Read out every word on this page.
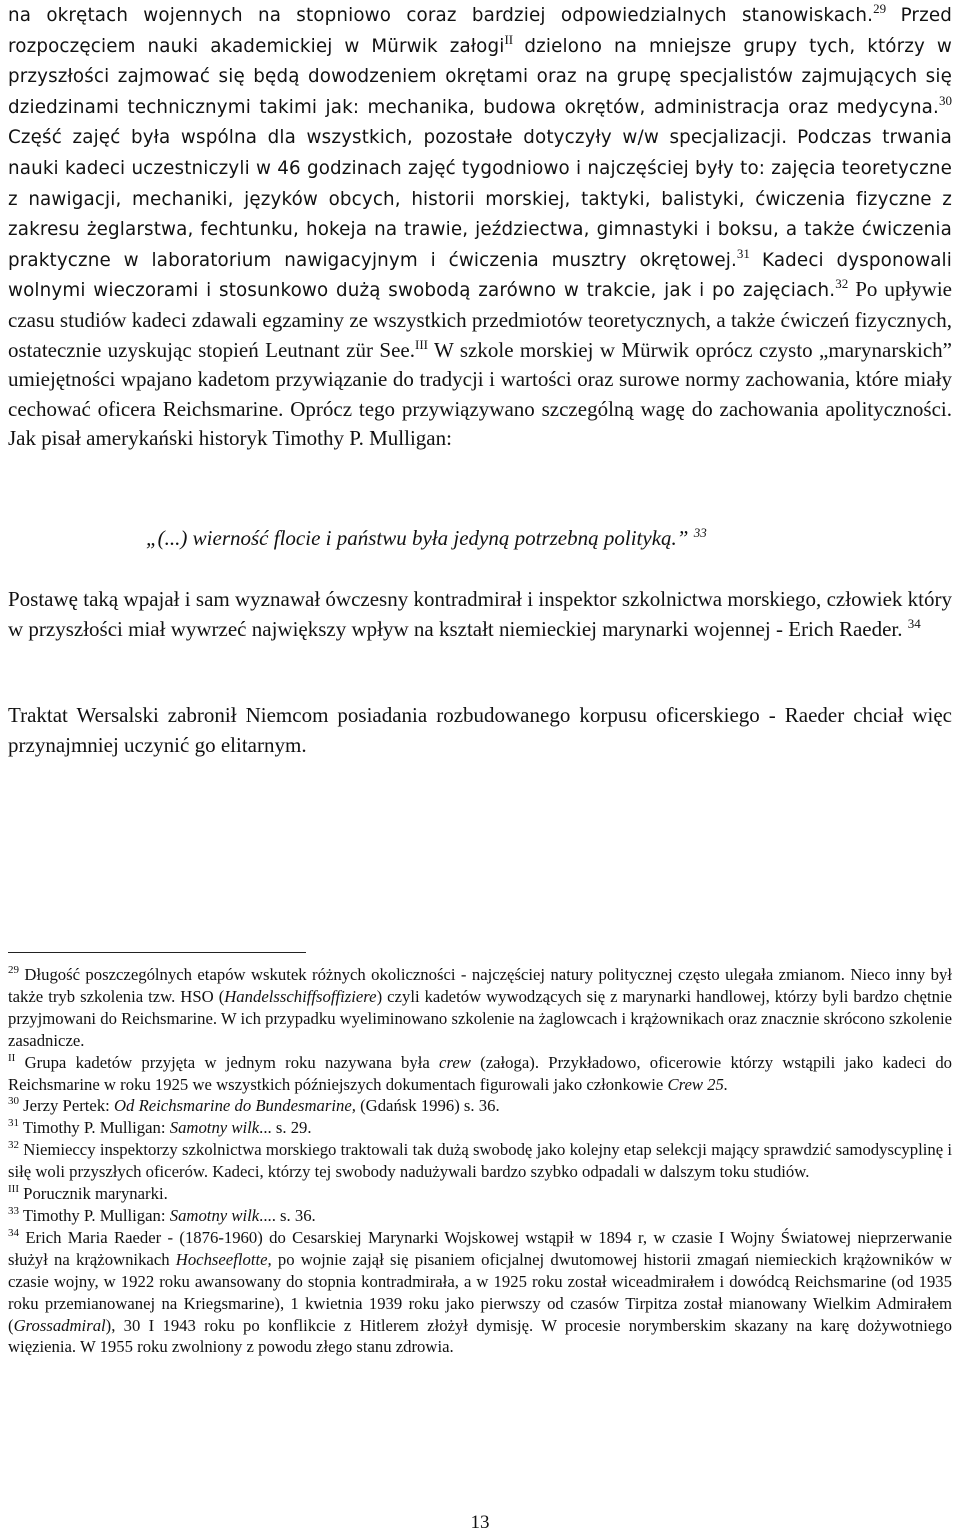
na okrętach wojennych na stopniowo coraz bardziej odpowiedzialnych stanowiskach.$^{29}$ Przed rozpoczęciem nauki akademickiej w Mürwik załogi$^{II}$ dzielono na mniejsze grupy tych, którzy w przyszłości zajmować się będą dowodzeniem okrętami oraz na grupę specjalistów zajmujących się dziedzinami technicznymi takimi jak: mechanika, budowa okrętów, administracja oraz medycyna.$^{30}$ Część zajęć była wspólna dla wszystkich, pozostałe dotyczyły w/w specjalizacji. Podczas trwania nauki kadeci uczestniczyli w 46 godzinach zajęć tygodniowo i najczęściej były to: zajęcia teoretyczne z nawigacji, mechaniki, języków obcych, historii morskiej, taktyki, balistyki, ćwiczenia fizyczne z zakresu żeglarstwa, fechtunku, hokeja na trawie, jeździectwa, gimnastyki i boksu, a także ćwiczenia praktyczne w laboratorium nawigacyjnym i ćwiczenia musztry okrętowej.$^{31}$ Kadeci dysponowali wolnymi wieczorami i stosunkowo dużą swobodą zarówno w trakcie, jak i po zajęciach.$^{32}$ Po upływie czasu studiów kadeci zdawali egzaminy ze wszystkich przedmiotów teoretycznych, a także ćwiczeń fizycznych, ostatecznie uzyskując stopień Leutnant zür See.$^{III}$ W szkole morskiej w Mürwik oprócz czysto „marynarskich” umiejętności wpajano kadetom przywiązanie do tradycji i wartości oraz surowe normy zachowania, które miały cechować oficera Reichsmarine. Oprócz tego przywiązywano szczególną wagę do zachowania apolityczności. Jak pisał amerykański historyk Timothy P. Mulligan:

„(...) wierność flocie i państwu była jedyną potrzebną polityką.” $^{33}$

Postawę taką wpajał i sam wyznawał ówczesny kontradmirał i inspektor szkolnictwa morskiego, człowiek który w przyszłości miał wywrzeć największy wpływ na kształt niemieckiej marynarki wojennej - Erich Raeder. $^{34}$

Traktat Wersalski zabronił Niemcom posiadania rozbudowanego korpusu oficerskiego - Raeder chciał więc przynajmniej uczynić go elitarnym.

$^{29}$ Długość poszczególnych etapów wskutek różnych okoliczności - najczęściej natury politycznej często ulegała zmianom. Nieco inny był także tryb szkolenia tzw. HSO (Handelsschiffsoffiziere) czyli kadetów wywodzących się z marynarki handlowej, którzy byli bardzo chętnie przyjmowani do Reichsmarine. W ich przypadku wyeliminowano szkolenie na żaglowcach i krążownikach oraz znacznie skrócono szkolenie zasadnicze.

$^{II}$ Grupa kadetów przyjęta w jednym roku nazywana była crew (załoga). Przykładowo, oficerowie którzy wstąpili jako kadeci do Reichsmarine w roku 1925 we wszystkich późniejszych dokumentach figurowali jako członkowie Crew 25.

$^{30}$ Jerzy Pertek: Od Reichsmarine do Bundesmarine, (Gdańsk 1996) s. 36.

$^{31}$ Timothy P. Mulligan: Samotny wilk... s. 29.

$^{32}$ Niemieccy inspektorzy szkolnictwa morskiego traktowali tak dużą swobodę jako kolejny etap selekcji mający sprawdzić samodyscyplinę i siłę woli przyszłych oficerów. Kadeci, którzy tej swobody nadużywali bardzo szybko odpadali w dalszym toku studiów.

$^{III}$ Porucznik marynarki.

$^{33}$ Timothy P. Mulligan: Samotny wilk.... s. 36.

$^{34}$ Erich Maria Raeder - (1876-1960) do Cesarskiej Marynarki Wojskowej wstąpił w 1894 r, w czasie I Wojny Światowej nieprzerwanie służył na krążownikach Hochseeflotte, po wojnie zajął się pisaniem oficjalnej dwutomowej historii zmagań niemieckich krążowników w czasie wojny, w 1922 roku awansowany do stopnia kontradmirała, a w 1925 roku został wiceadmirałem i dowódcą Reichsmarine (od 1935 roku przemianowanej na Kriegsmarine), 1 kwietnia 1939 roku jako pierwszy od czasów Tirpitza został mianowany Wielkim Admirałem (Grossadmiral), 30 I 1943 roku po konflikcie z Hitlerem złożył dymisję. W procesie norymberskim skazany na karę dożywotniego więzienia. W 1955 roku zwolniony z powodu złego stanu zdrowia.

13
